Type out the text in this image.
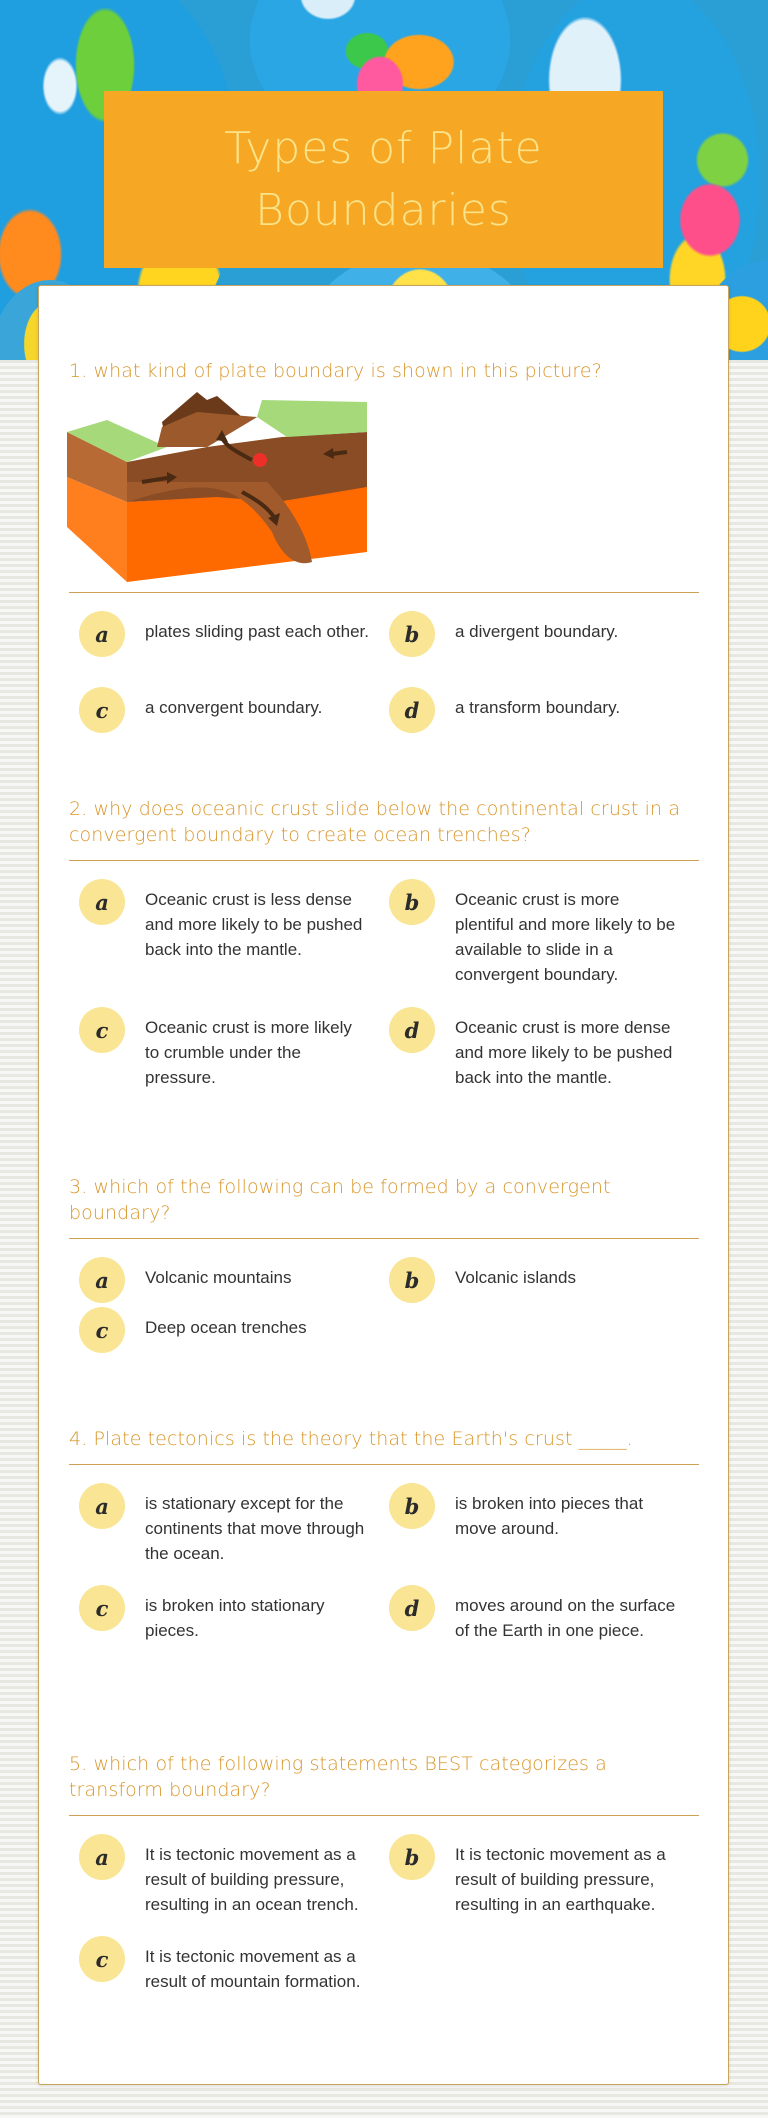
Types of Plate Boundaries
1. what kind of plate boundary is shown in this picture?
a	plates sliding past each other.	b	a divergent boundary.
c	a convergent boundary.	d	a transform boundary.
2. why does oceanic crust slide below the continental crust in a convergent boundary to create ocean trenches?
a	Oceanic crust is less dense and more likely to be pushed back into the mantle.
b	Oceanic crust is more plentiful and more likely to be available to slide in a convergent boundary.
c	Oceanic crust is more likely to crumble under the pressure.
d	Oceanic crust is more dense and more likely to be pushed back into the mantle.
3. which of the following can be formed by a convergent boundary?
a	Volcanic mountains	b	Volcanic islands
c	Deep ocean trenches
4. Plate tectonics is the theory that the Earth's crust _____.
a	is stationary except for the continents that move through the ocean.
b	is broken into pieces that move around.
c	is broken into stationary pieces.
d	moves around on the surface of the Earth in one piece.
5. which of the following statements BEST categorizes a transform boundary?
a	It is tectonic movement as a result of building pressure, resulting in an ocean trench.
b	It is tectonic movement as a result of building pressure, resulting in an earthquake.
c	It is tectonic movement as a result of mountain formation.
